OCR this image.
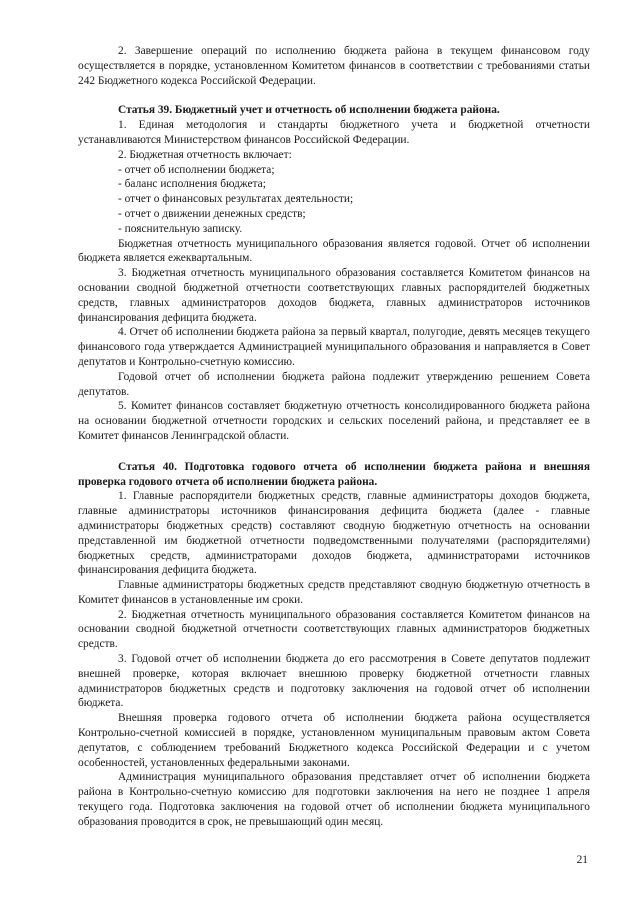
2. Завершение операций по исполнению бюджета района в текущем финансовом году осуществляется в порядке, установленном Комитетом финансов в соответствии с требованиями статьи 242 Бюджетного кодекса Российской Федерации.
Статья 39. Бюджетный учет и отчетность об исполнении бюджета района.
1. Единая методология и стандарты бюджетного учета и бюджетной отчетности устанавливаются Министерством финансов Российской Федерации.
2. Бюджетная отчетность включает:
- отчет об исполнении бюджета;
- баланс исполнения бюджета;
- отчет о финансовых результатах деятельности;
- отчет о движении денежных средств;
- пояснительную записку.
Бюджетная отчетность муниципального образования является годовой. Отчет об исполнении бюджета является ежеквартальным.
3. Бюджетная отчетность муниципального образования составляется Комитетом финансов на основании сводной бюджетной отчетности соответствующих главных распорядителей бюджетных средств, главных администраторов доходов бюджета, главных администраторов источников финансирования дефицита бюджета.
4. Отчет об исполнении бюджета района за первый квартал, полугодие, девять месяцев текущего финансового года утверждается Администрацией муниципального образования и направляется в Совет депутатов и Контрольно-счетную комиссию.
Годовой отчет об исполнении бюджета района подлежит утверждению решением Совета депутатов.
5. Комитет финансов составляет бюджетную отчетность консолидированного бюджета района на основании бюджетной отчетности городских и сельских поселений района, и представляет ее в Комитет финансов Ленинградской области.
Статья 40. Подготовка годового отчета об исполнении бюджета района и внешняя проверка годового отчета об исполнении бюджета района.
1. Главные распорядители бюджетных средств, главные администраторы доходов бюджета, главные администраторы источников финансирования дефицита бюджета (далее - главные администраторы бюджетных средств) составляют сводную бюджетную отчетность на основании представленной им бюджетной отчетности подведомственными получателями (распорядителями) бюджетных средств, администраторами доходов бюджета, администраторами источников финансирования дефицита бюджета.
Главные администраторы бюджетных средств представляют сводную бюджетную отчетность в Комитет финансов в установленные им сроки.
2. Бюджетная отчетность муниципального образования составляется Комитетом финансов на основании сводной бюджетной отчетности соответствующих главных администраторов бюджетных средств.
3. Годовой отчет об исполнении бюджета до его рассмотрения в Совете депутатов подлежит внешней проверке, которая включает внешнюю проверку бюджетной отчетности главных администраторов бюджетных средств и подготовку заключения на годовой отчет об исполнении бюджета.
Внешняя проверка годового отчета об исполнении бюджета района осуществляется Контрольно-счетной комиссией в порядке, установленном муниципальным правовым актом Совета депутатов, с соблюдением требований Бюджетного кодекса Российской Федерации и с учетом особенностей, установленных федеральными законами.
Администрация муниципального образования представляет отчет об исполнении бюджета района в Контрольно-счетную комиссию для подготовки заключения на него не позднее 1 апреля текущего года. Подготовка заключения на годовой отчет об исполнении бюджета муниципального образования проводится в срок, не превышающий один месяц.
21
